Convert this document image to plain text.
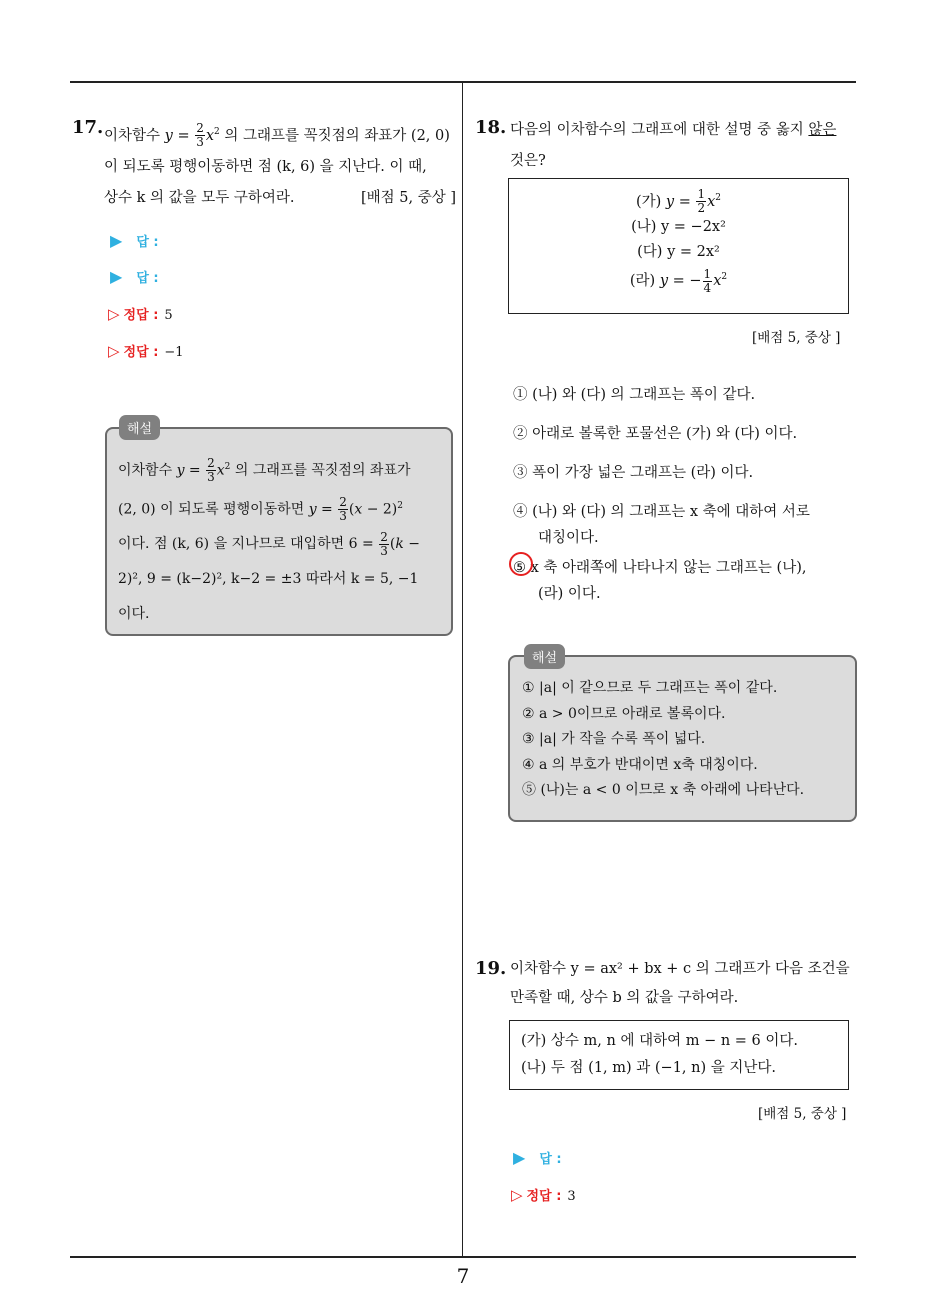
7
17. 이차함수 $y = \frac{2}{3} x^2$ 의 그래프를 꼭짓점의 좌표가 (2, 0)
이 되도록 평행이동하면 점 (k, 6) 을 지난다. 이 때,
상수 k 의 값을 모두 구하여라.	[배점 5, 중상 ]
▶ 답 :
▶ 답 :
▷ 정답 : 5
▷ 정답 : −1
해설
이차함수 $y = \frac{2}{3} x^2$ 의 그래프를 꼭짓점의 좌표가
(2, 0) 이 되도록 평행이동하면 $y = \frac{2}{3} (x - 2)^2$
이다. 점 (k, 6) 을 지나므로 대입하면 $6 = \frac{2}{3} (k$ −
2)², 9 = (k−2)², k−2 = ±3 따라서 k = 5, −1
이다.
18. 다음의 이차함수의 그래프에 대한 설명 중 옳지 않은
것은?
(가) $y = \frac{1}{2} x^2$
(나) y = −2x²
(다) y = 2x²
(라) y = − $\frac{1}{4} x^2$
[배점 5, 중상 ]
① (나) 와 (다) 의 그래프는 폭이 같다.
② 아래로 볼록한 포물선은 (가) 와 (다) 이다.
③ 폭이 가장 넓은 그래프는 (라) 이다.
④ (나) 와 (다) 의 그래프는 x 축에 대하여 서로
대칭이다.
⑤ x 축 아래쪽에 나타나지 않는 그래프는 (나),
(라) 이다.
해설
① |a| 이 같으므로 두 그래프는 폭이 같다.
② a > 0이므로 아래로 볼록이다.
③ |a| 가 작을 수록 폭이 넓다.
④ a 의 부호가 반대이면 x축 대칭이다.
⑤ (나)는 a < 0 이므로 x 축 아래에 나타난다.
19. 이차함수 y = ax² + bx + c 의 그래프가 다음 조건을
만족할 때, 상수 b 의 값을 구하여라.
(가) 상수 m, n 에 대하여 m − n = 6 이다.
(나) 두 점 (1, m) 과 (−1, n) 을 지난다.
[배점 5, 중상 ]
▶ 답 :
▷ 정답 : 3
